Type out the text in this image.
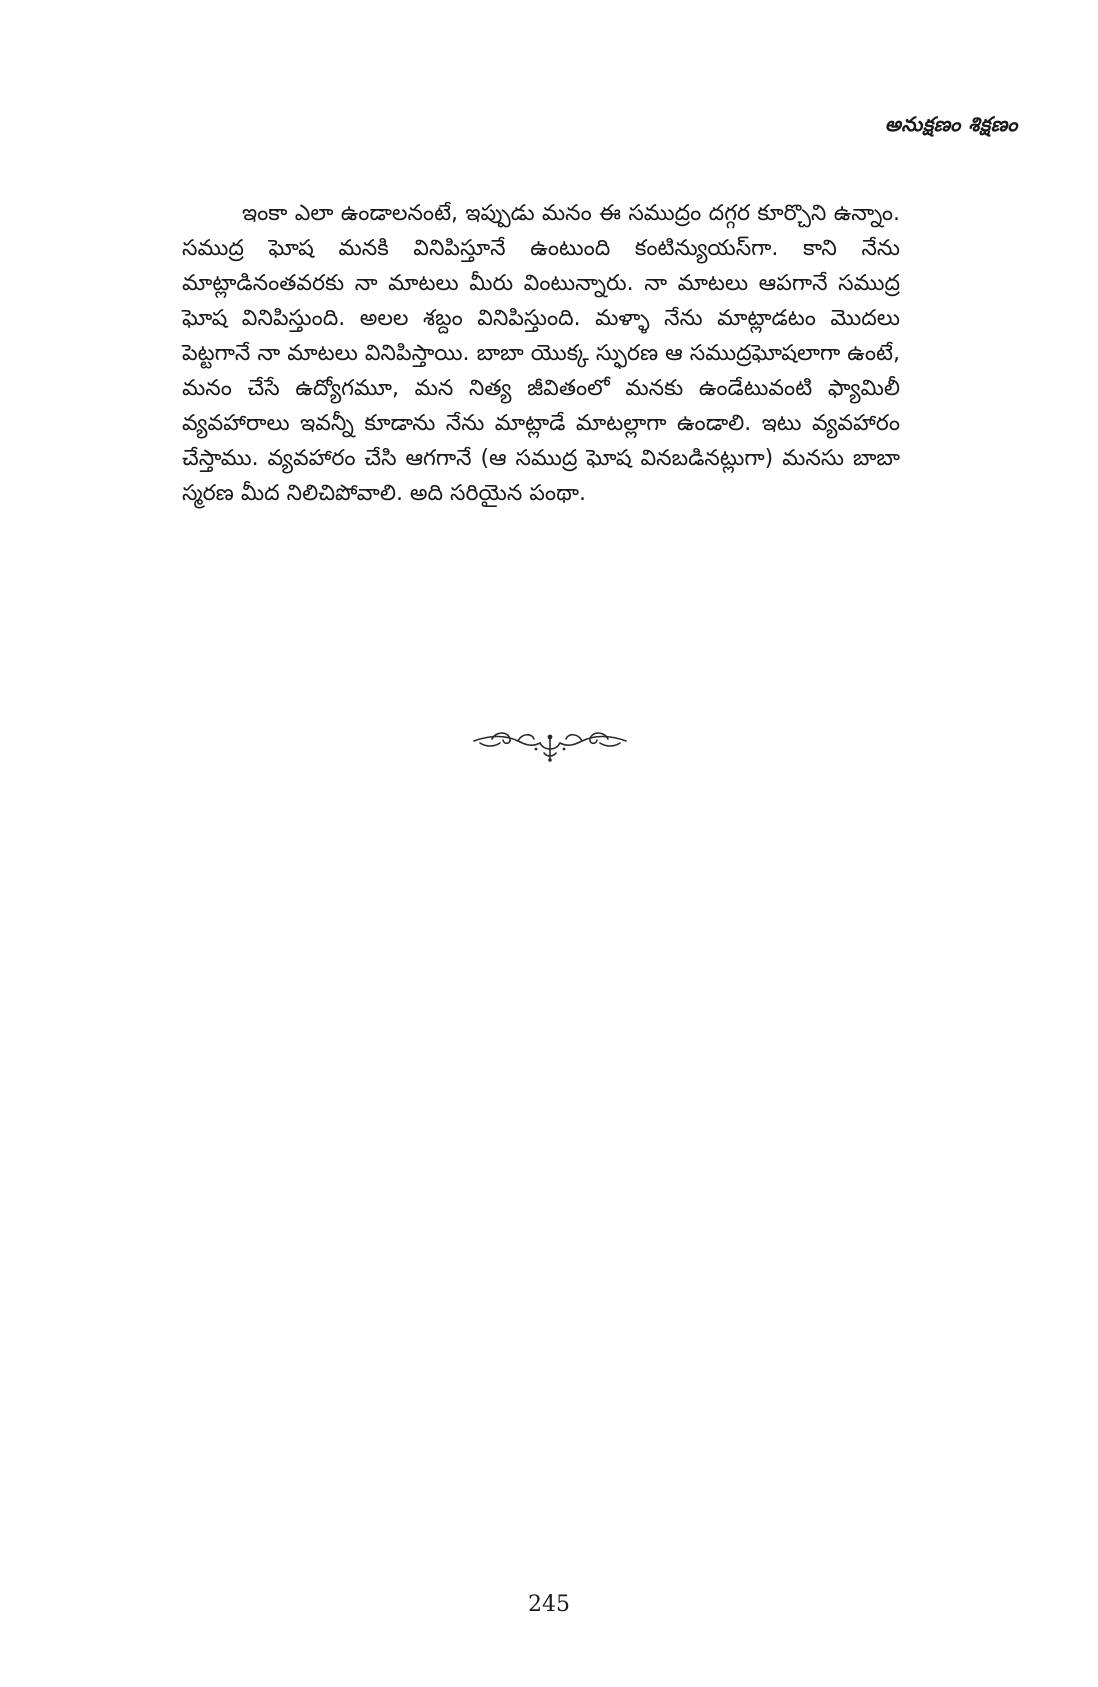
అనుక్షణం శిక్షణం

ఇంకా ఎలా ఉండాలనంటే, ఇప్పుడు మనం ఈ సముద్రం దగ్గర కూర్చొని ఉన్నాం. సముద్ర ఘోష మనకి వినిపిస్తూనే ఉంటుంది కంటిన్యుయస్‌గా. కాని నేను మాట్లాడినంతవరకు నా మాటలు మీరు వింటున్నారు. నా మాటలు ఆపగానే సముద్ర ఘోష వినిపిస్తుంది. అలల శబ్దం వినిపిస్తుంది. మళ్ళా నేను మాట్లాడటం మొదలు పెట్టగానే నా మాటలు వినిపిస్తాయి. బాబా యొక్క స్ఫురణ ఆ సముద్రఘోషలాగా ఉంటే, మనం చేసే ఉద్యోగమూ, మన నిత్య జీవితంలో మనకు ఉండేటువంటి ఫ్యామిలీ వ్యవహారాలు ఇవన్నీ కూడాను నేను మాట్లాడే మాటల్లాగా ఉండాలి. ఇటు వ్యవహారం చేస్తాము. వ్యవహారం చేసి ఆగగానే (ఆ సముద్ర ఘోష వినబడినట్లుగా) మనసు బాబా స్మరణ మీద నిలిచిపోవాలి. అది సరియైన పంథా.

245
